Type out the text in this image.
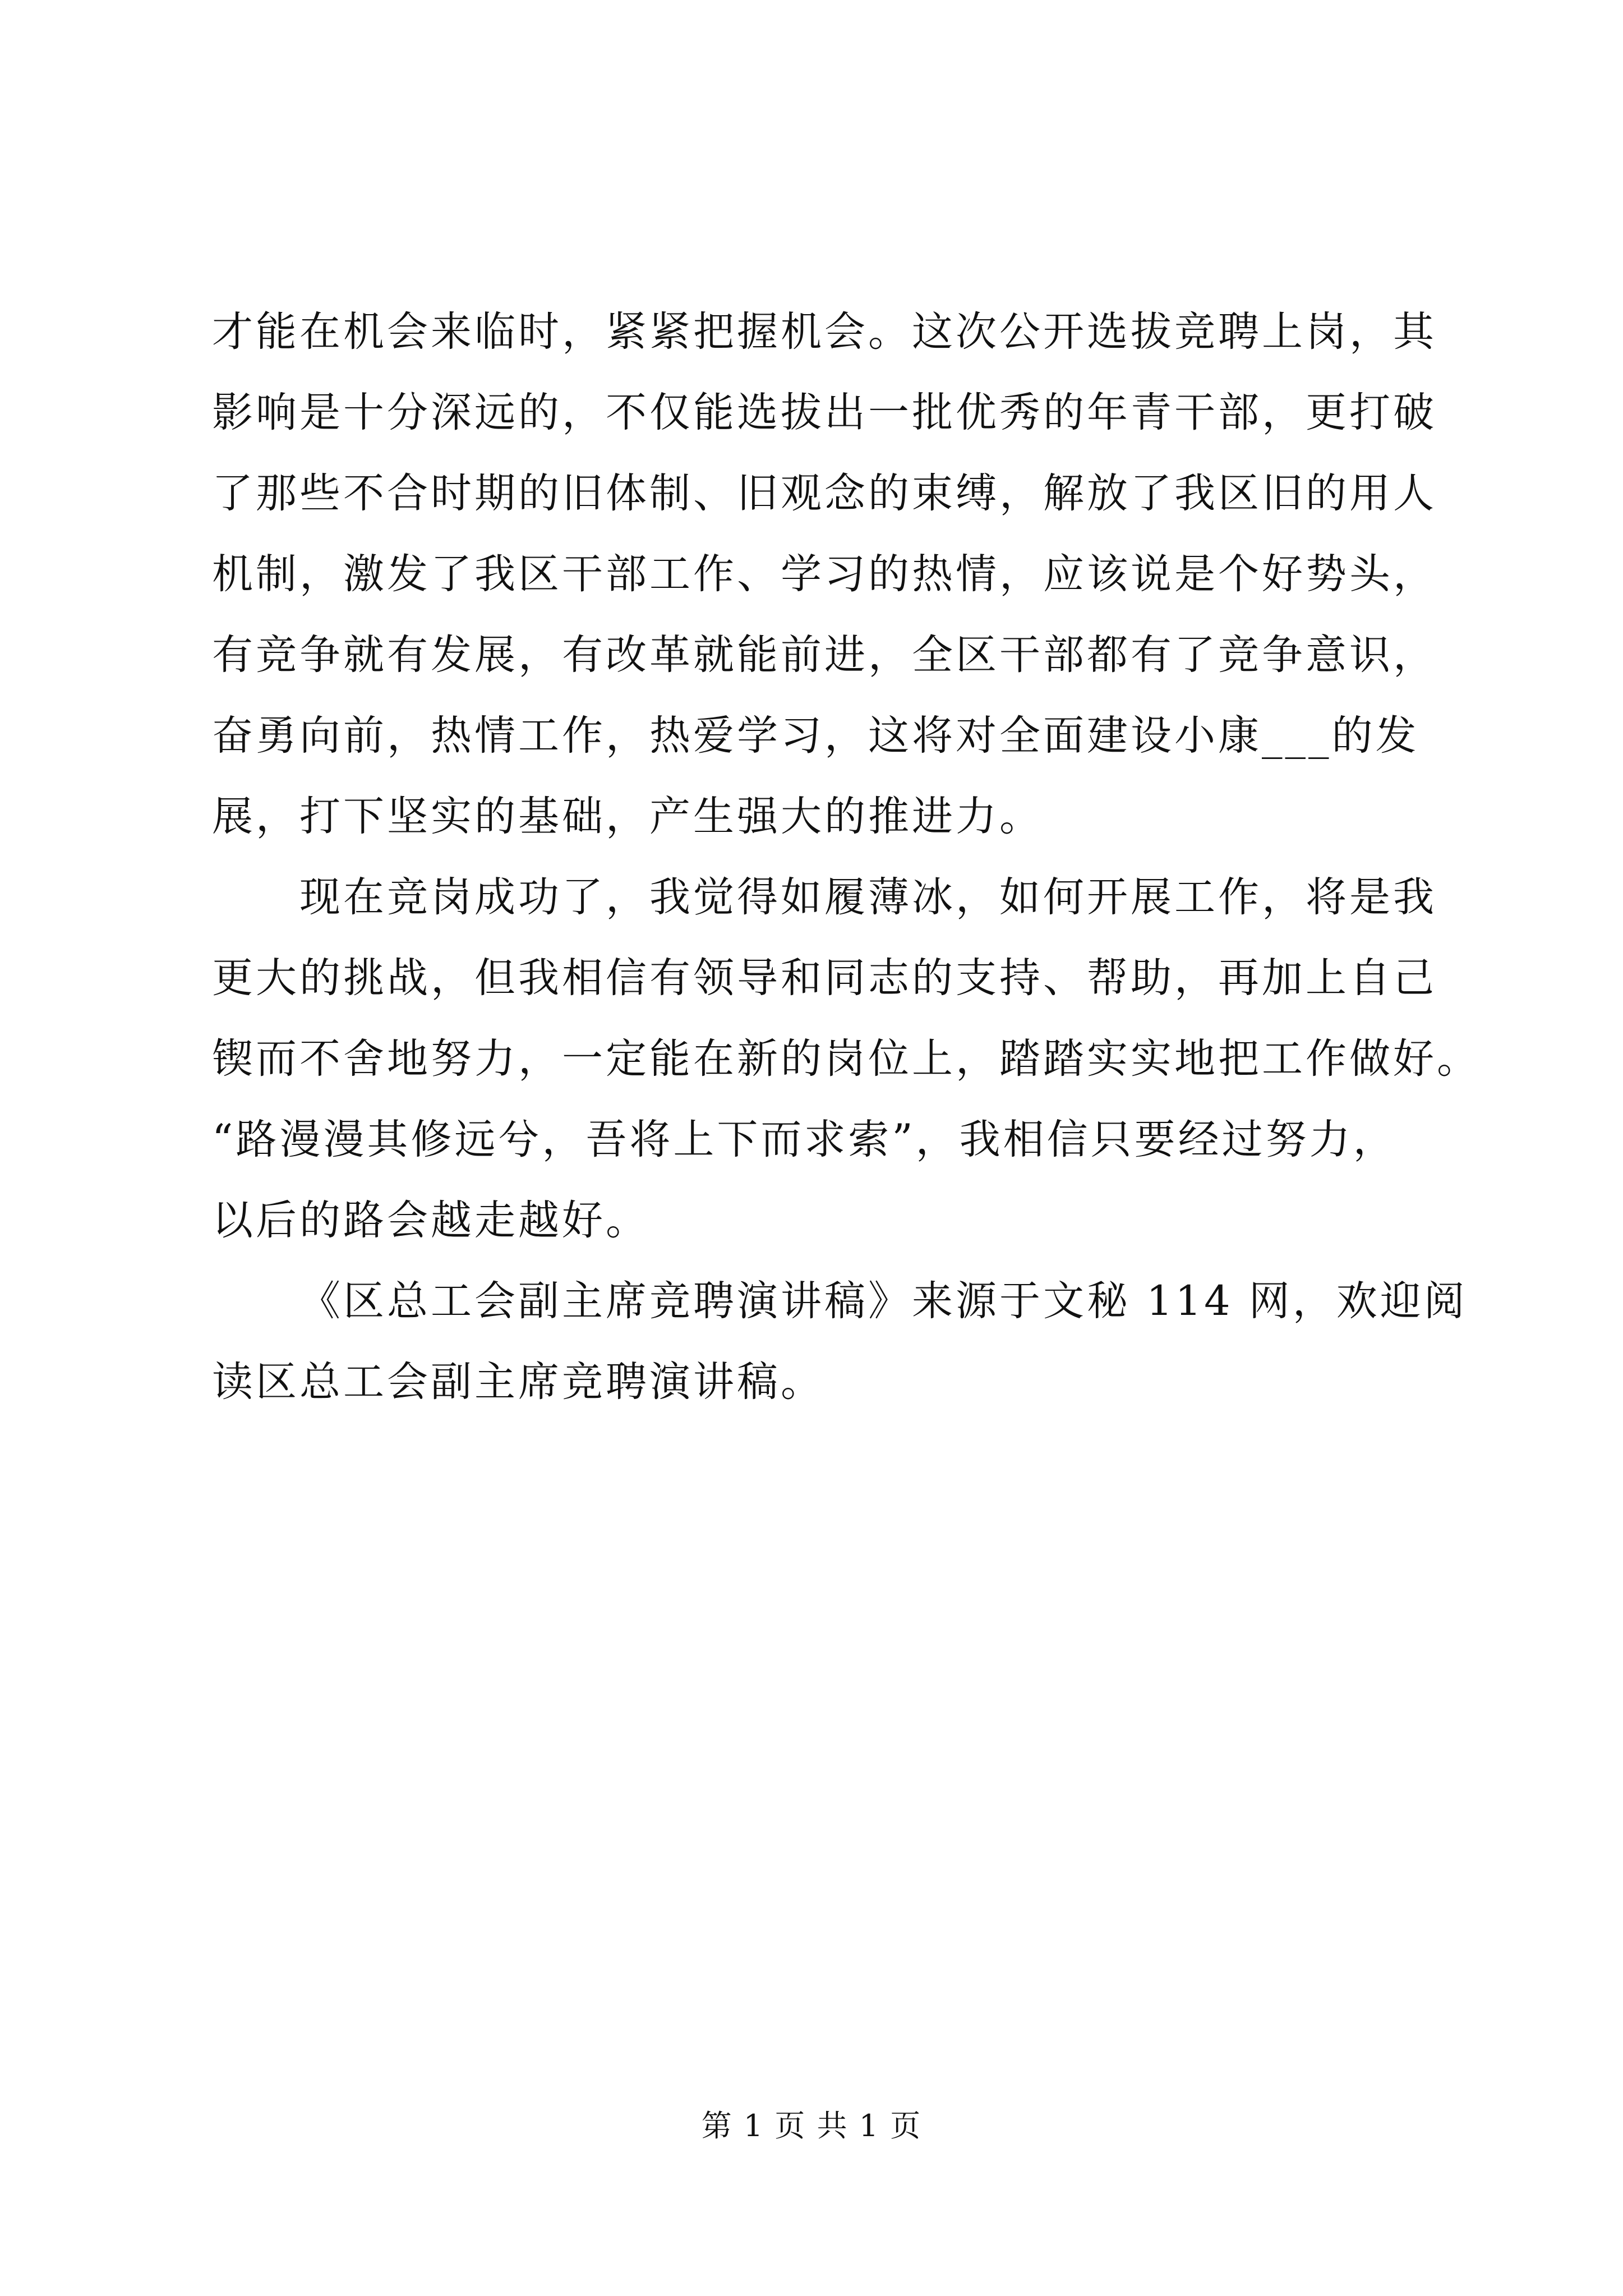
才能在机会来临时，紧紧把握机会。这次公开选拔竞聘上岗，其
影响是十分深远的，不仅能选拔出一批优秀的年青干部，更打破
了那些不合时期的旧体制、旧观念的束缚，解放了我区旧的用人
机制，激发了我区干部工作、学习的热情，应该说是个好势头，
有竞争就有发展，有改革就能前进，全区干部都有了竞争意识，
奋勇向前，热情工作，热爱学习，这将对全面建设小康___的发
展，打下坚实的基础，产生强大的推进力。

现在竞岗成功了，我觉得如履薄冰，如何开展工作，将是我
更大的挑战，但我相信有领导和同志的支持、帮助，再加上自己
锲而不舍地努力，一定能在新的岗位上，踏踏实实地把工作做好。
“路漫漫其修远兮，吾将上下而求索”，我相信只要经过努力，
以后的路会越走越好。

《区总工会副主席竞聘演讲稿》来源于文秘 114 网，欢迎阅
读区总工会副主席竞聘演讲稿。

第 1 页 共 1 页
